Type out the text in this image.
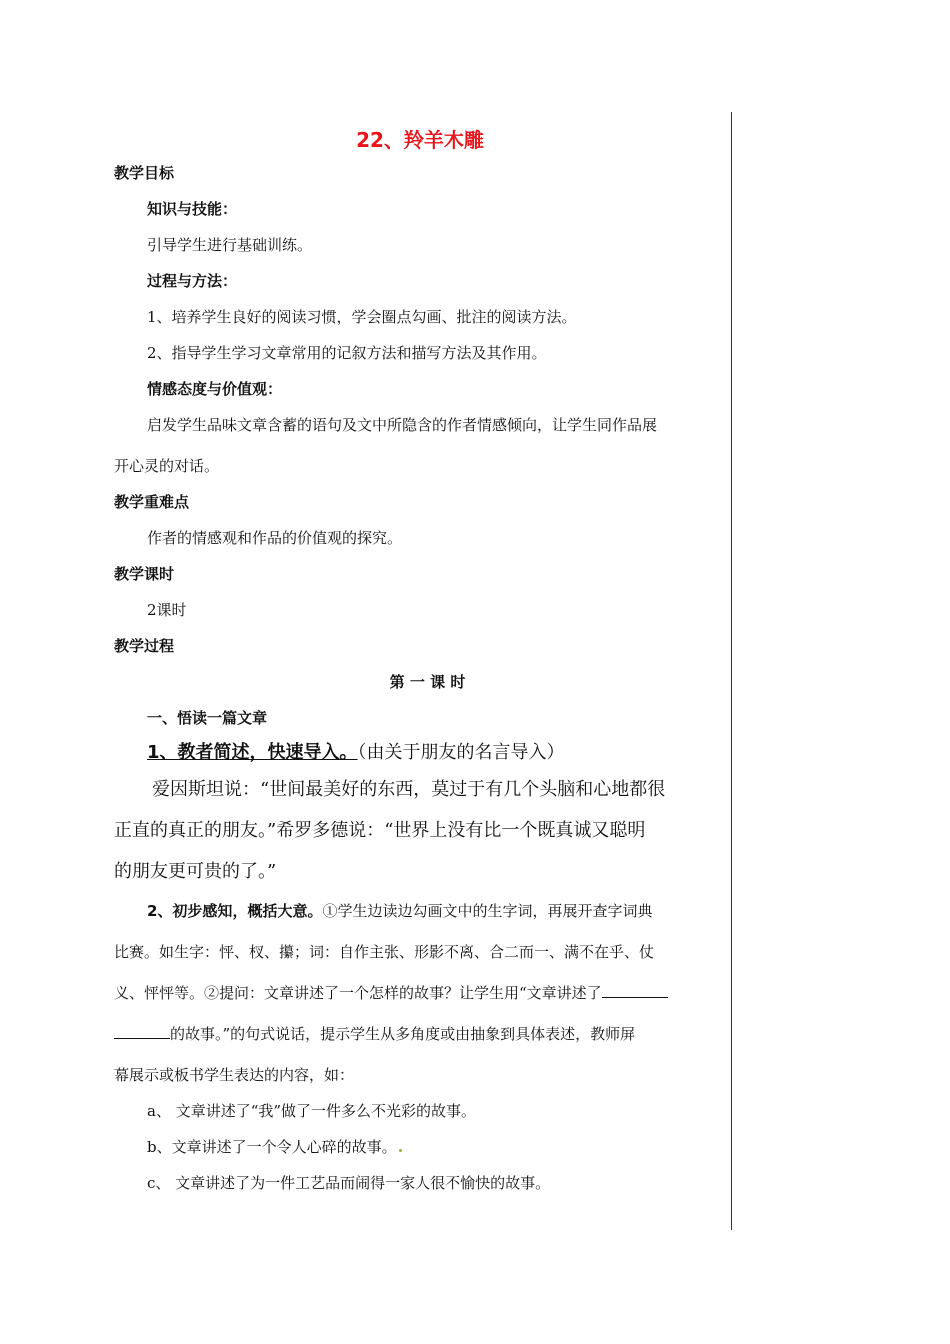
22、羚羊木雕
教学目标
知识与技能：
引导学生进行基础训练。
过程与方法：
1、培养学生良好的阅读习惯，学会圈点勾画、批注的阅读方法。
2、指导学生学习文章常用的记叙方法和描写方法及其作用。
情感态度与价值观：
启发学生品味文章含蓄的语句及文中所隐含的作者情感倾向，让学生同作品展
开心灵的对话。
教学重难点
作者的情感观和作品的价值观的探究。
教学课时
2课时
教学过程
第 一 课 时
一、悟读一篇文章
1、教者简述，快速导入。（由关于朋友的名言导入）
爱因斯坦说：“世间最美好的东西，莫过于有几个头脑和心地都很
正直的真正的朋友。”希罗多德说：“世界上没有比一个既真诚又聪明
的朋友更可贵的了。”
2、初步感知，概括大意。①学生边读边勾画文中的生字词，再展开查字词典
比赛。如生字：怦、杈、攥；词：自作主张、形影不离、合二而一、满不在乎、仗
义、怦怦等。②提问：文章讲述了一个怎样的故事？让学生用“文章讲述了
的故事。”的句式说话，提示学生从多角度或由抽象到具体表述，教师屏
幕展示或板书学生表达的内容，如：
a、 文章讲述了“我”做了一件多么不光彩的故事。
b、文章讲述了一个令人心碎的故事。
c、 文章讲述了为一件工艺品而闹得一家人很不愉快的故事。
